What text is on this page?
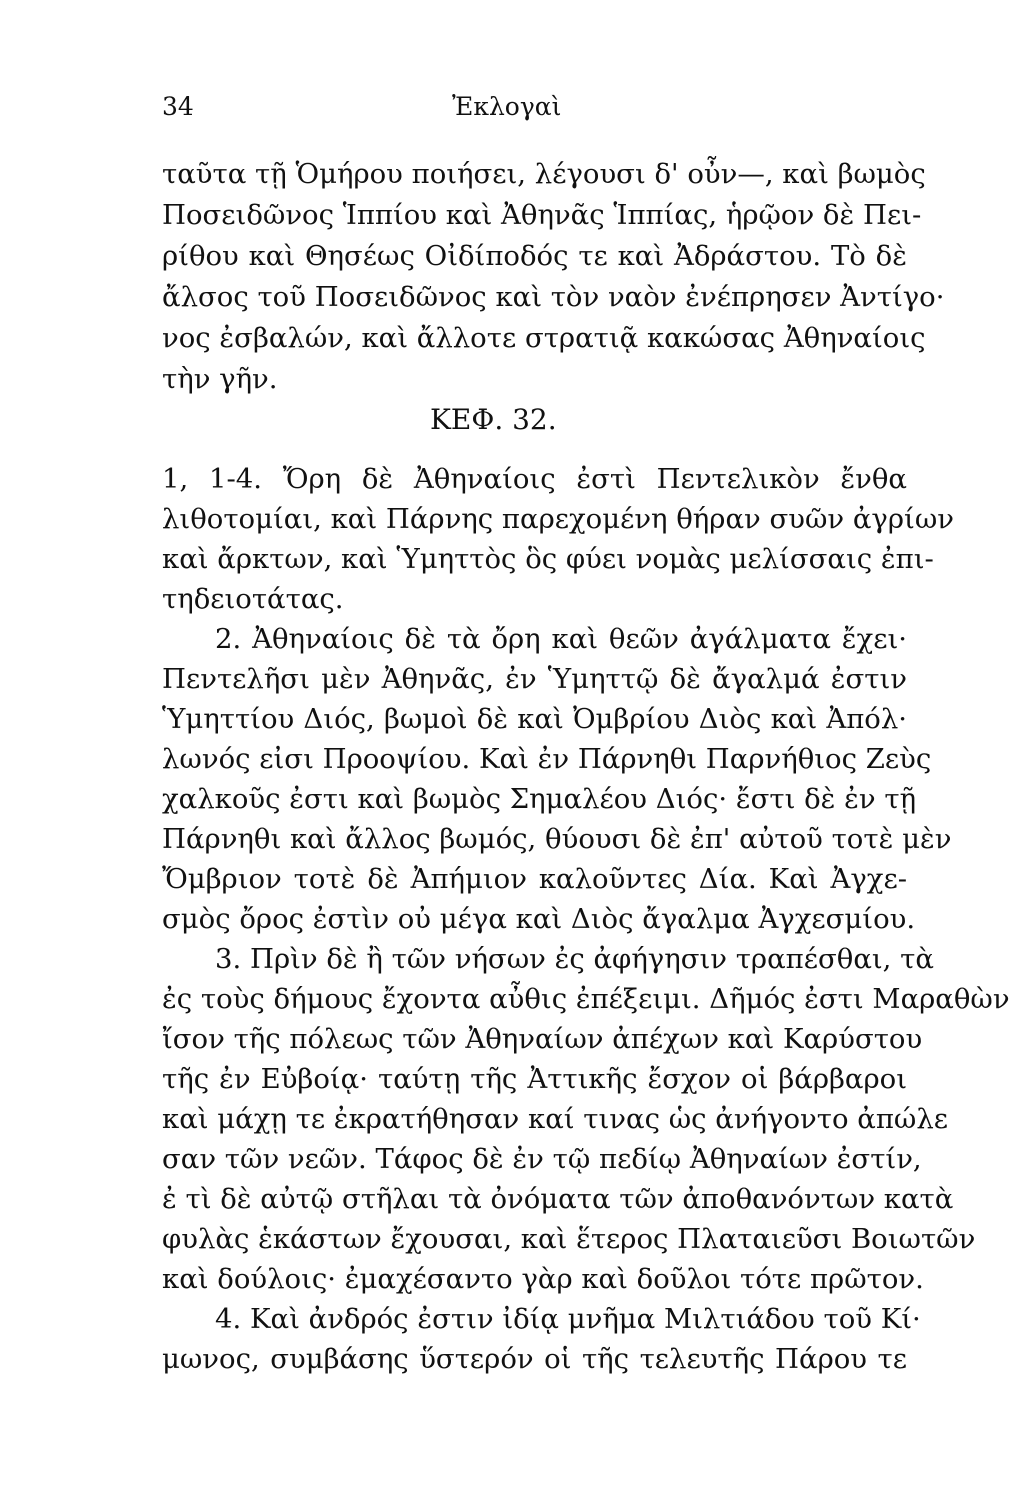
34	Ἐκλογαὶ
ταῦτα τῇ Ὁμήρου ποιήσει, λέγουσι δ' οὖν—, καὶ βωμὸς
Ποσειδῶνος Ἱππίου καὶ Ἀθηνᾶς Ἱππίας, ἡρῷον δὲ Πει-
ρίθου καὶ Θησέως Οἰδίποδός τε καὶ Ἀδράστου. Τὸ δὲ
ἄλσος τοῦ Ποσειδῶνος καὶ τὸν ναὸν ἐνέπρησεν Ἀντίγο·
νος ἐσβαλών, καὶ ἄλλοτε στρατιᾷ κακώσας Ἀθηναίοις
τὴν γῆν.
ΚΕΦ. 32.
1, 1-4. Ὄρη δὲ Ἀθηναίοις ἐστὶ Πεντελικὸν ἔνθα
λιθοτομίαι, καὶ Πάρνης παρεχομένη θήραν συῶν ἀγρίων
καὶ ἄρκτων, καὶ Ὑμηττὸς ὃς φύει νομὰς μελίσσαις ἐπι-
τηδειοτάτας.
2. Ἀθηναίοις δὲ τὰ ὄρη καὶ θεῶν ἀγάλματα ἔχει·
Πεντελῆσι μὲν Ἀθηνᾶς, ἐν Ὑμηττῷ δὲ ἄγαλμά ἐστιν
Ὑμηττίου Διός, βωμοὶ δὲ καὶ Ὀμβρίου Διὸς καὶ Ἀπόλ·
λωνός εἰσι Προοψίου. Καὶ ἐν Πάρνηθι Παρνήθιος Ζεὺς
χαλκοῦς ἐστι καὶ βωμὸς Σημαλέου Διός· ἔστι δὲ ἐν τῇ
Πάρνηθι καὶ ἄλλος βωμός, θύουσι δὲ ἐπ' αὐτοῦ τοτὲ μὲν
Ὄμβριον τοτὲ δὲ Ἀπήμιον καλοῦντες Δία. Καὶ Ἀγχε-
σμὸς ὄρος ἐστὶν οὐ μέγα καὶ Διὸς ἄγαλμα Ἀγχεσμίου.
3. Πρὶν δὲ ἢ τῶν νήσων ἐς ἀφήγησιν τραπέσθαι, τὰ
ἐς τοὺς δήμους ἔχοντα αὖθις ἐπέξειμι. Δῆμός ἐστι Μαραθὼν
ἴσον τῆς πόλεως τῶν Ἀθηναίων ἀπέχων καὶ Καρύστου
τῆς ἐν Εὐβοίᾳ· ταύτῃ τῆς Ἀττικῆς ἔσχον οἱ βάρβαροι
καὶ μάχῃ τε ἐκρατήθησαν καί τινας ὡς ἀνήγοντο ἀπώλε
σαν τῶν νεῶν. Τάφος δὲ ἐν τῷ πεδίῳ Ἀθηναίων ἐστίν,
ἐ τὶ δὲ αὐτῷ στῆλαι τὰ ὀνόματα τῶν ἀποθανόντων κατὰ
φυλὰς ἑκάστων ἔχουσαι, καὶ ἕτερος Πλαταιεῦσι Βοιωτῶν
καὶ δούλοις· ἐμαχέσαντο γὰρ καὶ δοῦλοι τότε πρῶτον.
4. Καὶ ἀνδρός ἐστιν ἰδίᾳ μνῆμα Μιλτιάδου τοῦ Κί·
μωνος, συμβάσης ὕστερόν οἱ τῆς τελευτῆς Πάρου τε
